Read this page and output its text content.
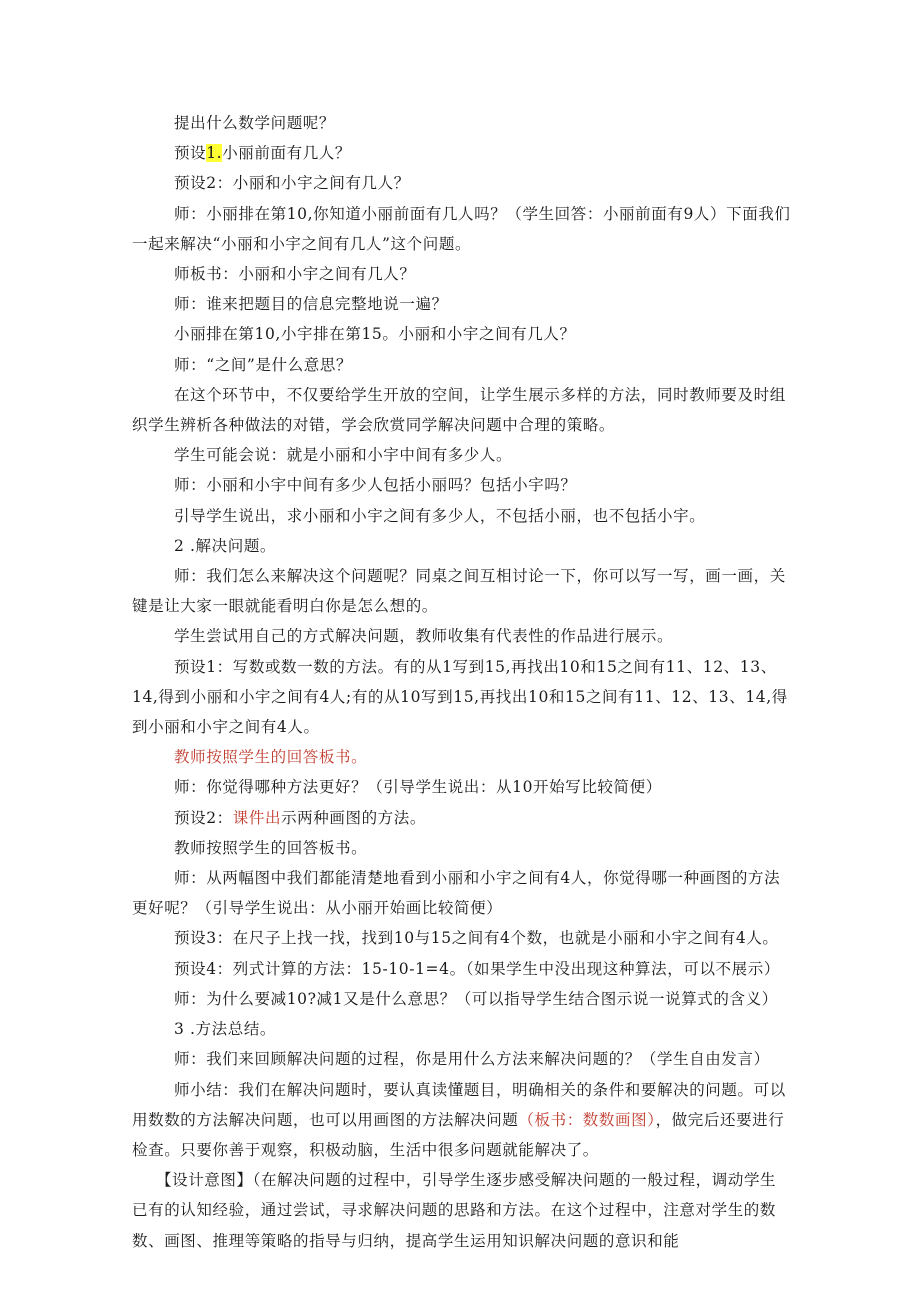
提出什么数学问题呢？

预设1.小丽前面有几人？

预设2：小丽和小宇之间有几人？

师：小丽排在第10,你知道小丽前面有几人吗？（学生回答：小丽前面有9人）下面我们一起来解决“小丽和小宇之间有几人”这个问题。

师板书：小丽和小宇之间有几人？

师：谁来把题目的信息完整地说一遍？

小丽排在第10,小宇排在第15。小丽和小宇之间有几人？

师：“之间”是什么意思？

在这个环节中，不仅要给学生开放的空间，让学生展示多样的方法，同时教师要及时组织学生辨析各种做法的对错，学会欣赏同学解决问题中合理的策略。

学生可能会说：就是小丽和小宇中间有多少人。

师：小丽和小宇中间有多少人包括小丽吗？包括小宇吗？

引导学生说出，求小丽和小宇之间有多少人，不包括小丽，也不包括小宇。

2 .解决问题。

师：我们怎么来解决这个问题呢？同桌之间互相讨论一下，你可以写一写，画一画，关键是让大家一眼就能看明白你是怎么想的。

学生尝试用自己的方式解决问题，教师收集有代表性的作品进行展示。

预设1：写数或数一数的方法。有的从1写到15,再找出10和15之间有11、12、13、14,得到小丽和小宇之间有4人;有的从10写到15,再找出10和15之间有11、12、13、14,得到小丽和小宇之间有4人。

教师按照学生的回答板书。

师：你觉得哪种方法更好？（引导学生说出：从10开始写比较简便）

预设2：课件出示两种画图的方法。

教师按照学生的回答板书。

师：从两幅图中我们都能清楚地看到小丽和小宇之间有4人，你觉得哪一种画图的方法更好呢？（引导学生说出：从小丽开始画比较简便）

预设3：在尺子上找一找，找到10与15之间有4个数，也就是小丽和小宇之间有4人。

预设4：列式计算的方法：15-10-1=4。（如果学生中没出现这种算法，可以不展示）

师：为什么要减10?减1又是什么意思？（可以指导学生结合图示说一说算式的含义）

3 .方法总结。

师：我们来回顾解决问题的过程，你是用什么方法来解决问题的？（学生自由发言）

师小结：我们在解决问题时，要认真读懂题目，明确相关的条件和要解决的问题。可以用数数的方法解决问题，也可以用画图的方法解决问题（板书：数数画图），做完后还要进行检查。只要你善于观察，积极动脑，生活中很多问题就能解决了。

【设计意图】（在解决问题的过程中，引导学生逐步感受解决问题的一般过程，调动学生已有的认知经验，通过尝试，寻求解决问题的思路和方法。在这个过程中，注意对学生的数数、画图、推理等策略的指导与归纳，提高学生运用知识解决问题的意识和能
